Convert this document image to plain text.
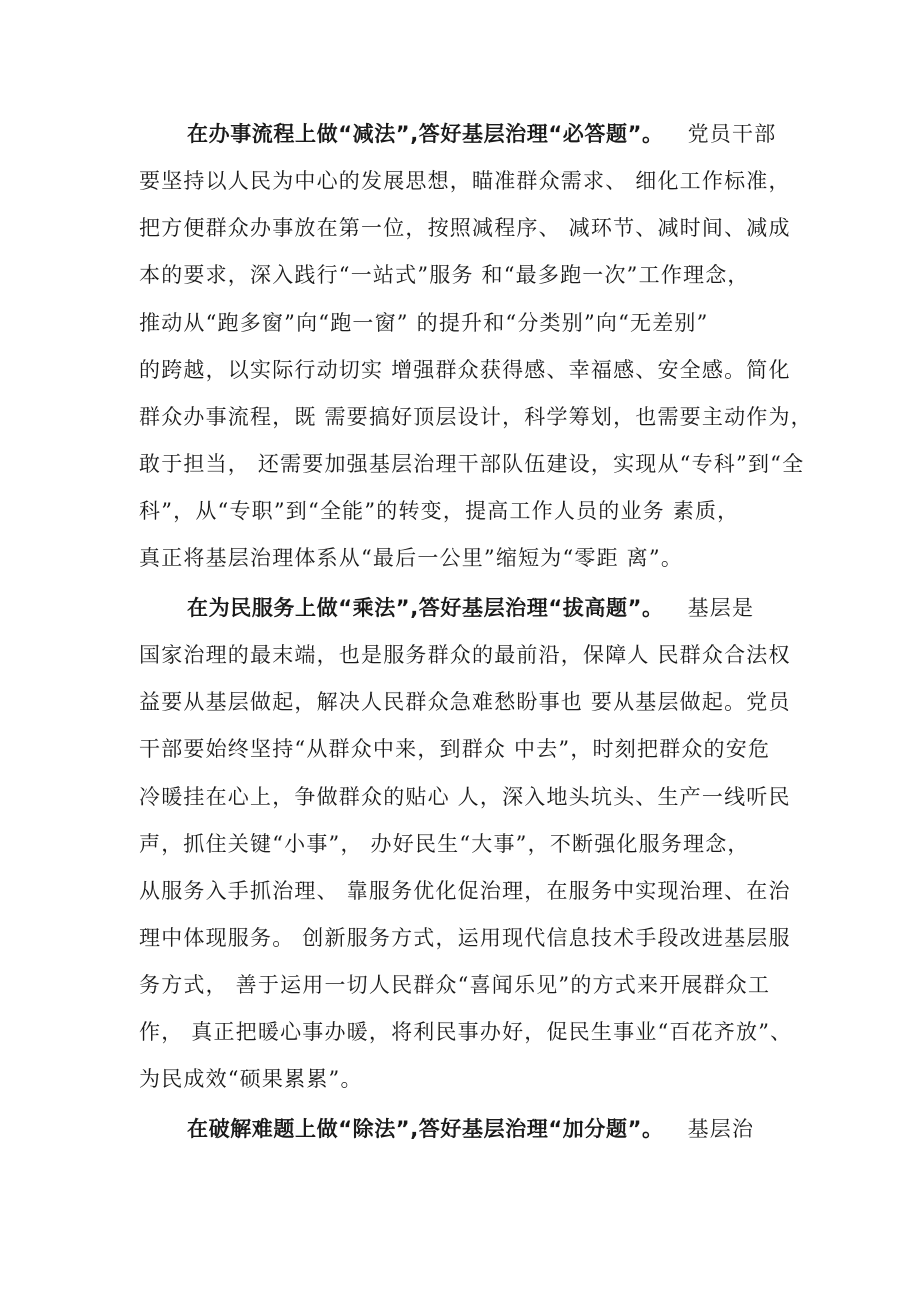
在办事流程上做“减法”,答好基层治理“必答题”。 党员干部
要坚持以人民为中心的发展思想，瞄准群众需求、 细化工作标准，
把方便群众办事放在第一位，按照减程序、 减环节、减时间、减成
本的要求，深入践行“一站式”服务 和“最多跑一次”工作理念，
推动从“跑多窗”向“跑一窗” 的提升和“分类别”向“无差别”
的跨越，以实际行动切实 增强群众获得感、幸福感、安全感。简化
群众办事流程，既 需要搞好顶层设计，科学筹划，也需要主动作为，
敢于担当， 还需要加强基层治理干部队伍建设，实现从“专科”到“全
科”，从“专职”到“全能”的转变，提高工作人员的业务 素质，
真正将基层治理体系从“最后一公里”缩短为“零距 离”。
在为民服务上做“乘法”,答好基层治理“拔高题”。 基层是
国家治理的最末端，也是服务群众的最前沿，保障人 民群众合法权
益要从基层做起，解决人民群众急难愁盼事也 要从基层做起。党员
干部要始终坚持“从群众中来，到群众 中去”，时刻把群众的安危
冷暖挂在心上，争做群众的贴心 人，深入地头坑头、生产一线听民
声，抓住关键“小事”， 办好民生“大事”，不断强化服务理念，
从服务入手抓治理、 靠服务优化促治理，在服务中实现治理、在治
理中体现服务。 创新服务方式，运用现代信息技术手段改进基层服
务方式， 善于运用一切人民群众“喜闻乐见”的方式来开展群众工
作， 真正把暖心事办暖，将利民事办好，促民生事业“百花齐放”、
为民成效“硕果累累”。
在破解难题上做“除法”,答好基层治理“加分题”。 基层治
